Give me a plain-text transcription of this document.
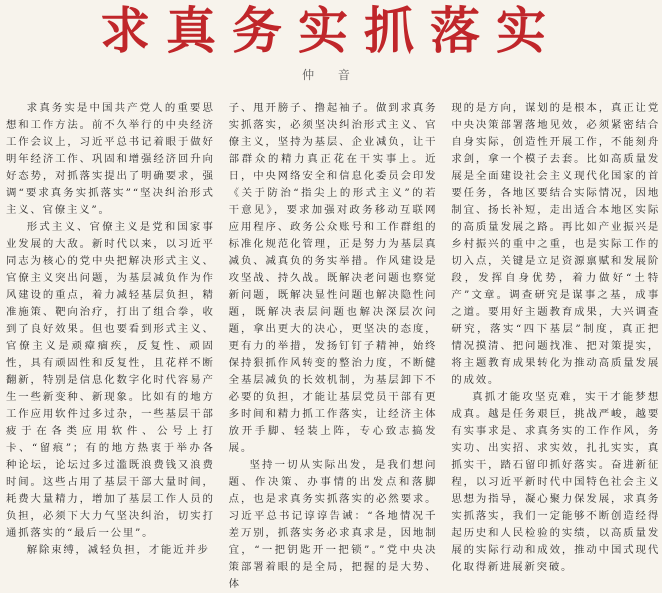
求真务实抓落实
仲 音

求真务实是中国共产党人的重要思想和工作方法。前不久举行的中央经济工作会议上，习近平总书记着眼于做好明年经济工作、巩固和增强经济回升向好态势，对抓落实提出了明确要求，强调“要求真务实抓落实”“坚决纠治形式主义、官僚主义”。

形式主义、官僚主义是党和国家事业发展的大敌。新时代以来，以习近平同志为核心的党中央把解决形式主义、官僚主义突出问题，为基层减负作为作风建设的重点，着力减轻基层负担，精准施策、靶向治疗，打出了组合拳，收到了良好效果。但也要看到形式主义、官僚主义是顽瘴痼疾，反复性、顽固性，具有顽固性和反复性，且花样不断翻新，特别是信息化数字化时代容易产生一些新变种、新现象。比如有的地方工作应用软件过多过杂，一些基层干部疲于在各类应用软件、公号上打卡、“留痕”；有的地方热衷于举办各种论坛，论坛过多过滥既浪费钱又浪费时间。这些占用了基层干部大量时间，耗费大量精力，增加了基层工作人员的负担，必须下大力气坚决纠治，切实打通抓落实的“最后一公里”。

解除束缚，减轻负担，才能近并步

子、甩开膀子、撸起袖子。做到求真务实抓落实，必须坚决纠治形式主义、官僚主义，坚持为基层、企业减负，让干部群众的精力真正花在干实事上。近日，中央网络安全和信息化委员会印发《关于防治“指尖上的形式主义”的若干意见》，要求加强对政务移动互联网应用程序、政务公众账号和工作群组的标准化规范化管理，正是努力为基层真减负、减真负的务实举措。作风建设是攻坚战、持久战。既解决老问题也察觉新问题，既解决显性问题也解决隐性问题，既解决表层问题也解决深层次问题，拿出更大的决心，更坚决的态度，更有力的举措，发扬钉钉子精神，始终保持狠抓作风转变的整治力度，不断健全基层减负的长效机制，为基层卸下不必要的负担，才能让基层党员干部有更多时间和精力抓工作落实，让经济主体放开手脚、轻装上阵，专心致志搞发展。

坚持一切从实际出发，是我们想问题、作决策、办事情的出发点和落脚点，也是求真务实抓落实的必然要求。习近平总书记谆谆告诫：“各地情况千差万别，抓落实务必求真求是，因地制宜，“一把钥匙开一把锁”。”党中央决策部署着眼的是全局，把握的是大势、体

现的是方向，谋划的是根本，真正让党中央决策部署落地见效，必须紧密结合自身实际，创造性开展工作，不能刻舟求剑，拿一个模子去套。比如高质量发展是全面建设社会主义现代化国家的首要任务，各地区要结合实际情况，因地制宜、扬长补短，走出适合本地区实际的高质量发展之路。再比如产业振兴是乡村振兴的重中之重，也是实际工作的切入点，关键是立足资源禀赋和发展阶段，发挥自身优势，着力做好“土特产”文章。调查研究是谋事之基，成事之道。要用好主题教育成果，大兴调查研究，落实“四下基层”制度，真正把情况摸清、把问题找准、把对策提实，将主题教育成果转化为推动高质量发展的成效。

真抓才能攻坚克难，实干才能梦想成真。越是任务艰巨，挑战严峻，越要有实事求是、求真务实的工作作风，务实功、出实招、求实效，扎扎实实，真抓实干，踏石留印抓好落实。奋进新征程，以习近平新时代中国特色社会主义思想为指导，凝心聚力保发展，求真务实抓落实，我们一定能够不断创造经得起历史和人民检验的实绩，以高质量发展的实际行动和成效，推动中国式现代化取得新进展新突破。
